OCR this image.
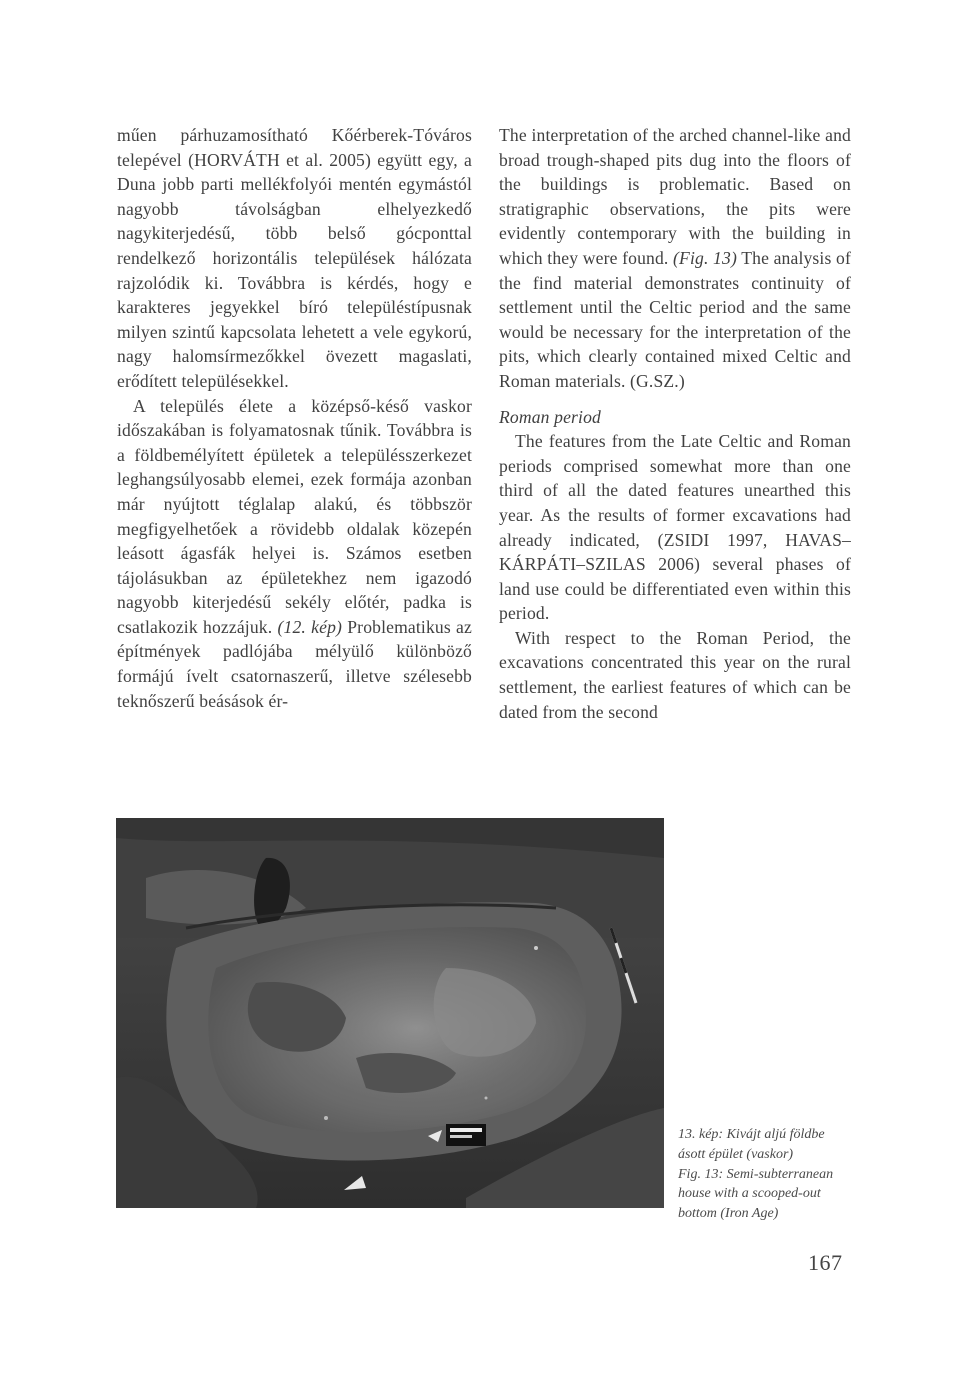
műen párhuzamosítható Kőérberek-Tóváros telepével (HORVÁTH et al. 2005) együtt egy, a Duna jobb parti mellékfolyói mentén egymástól nagyobb távolságban elhelyezkedő nagykiterjedésű, több belső gócponttal rendelkező horizontális települések hálózata rajzolódik ki. Továbbra is kérdés, hogy e karakteres jegyekkel bíró településtípusnak milyen szintű kapcsolata lehetett a vele egykorú, nagy halomsírmezőkkel övezett magaslati, erődített településekkel.

A település élete a középső-késő vaskor időszakában is folyamatosnak tűnik. Továbbra is a földbemélyített épületek a településszerkezet leghangsúlyosabb elemei, ezek formája azonban már nyújtott téglalap alakú, és többször megfigyelhetőek a rövidebb oldalak közepén leásott ágasfák helyei is. Számos esetben tájolásukban az épületekhez nem igazodó nagyobb kiterjedésű sekély előtér, padka is csatlakozik hozzájuk. (12. kép) Problematikus az építmények padlójába mélyülő különböző formájú ívelt csatornaszerű, illetve szélesebb teknőszerű beásások ér-

The interpretation of the arched channel-like and broad trough-shaped pits dug into the floors of the buildings is problematic. Based on stratigraphic observations, the pits were evidently contemporary with the building in which they were found. (Fig. 13) The analysis of the find material demonstrates continuity of settlement until the Celtic period and the same would be necessary for the interpretation of the pits, which clearly contained mixed Celtic and Roman materials. (G.SZ.)

Roman period

The features from the Late Celtic and Roman periods comprised somewhat more than one third of all the dated features unearthed this year. As the results of former excavations had already indicated, (ZSIDI 1997, HAVAS–KÁRPÁTI–SZILAS 2006) several phases of land use could be differentiated even within this period.

With respect to the Roman Period, the excavations concentrated this year on the rural settlement, the earliest features of which can be dated from the second

13. kép: Kivájt aljú földbe ásott épület (vaskor)
Fig. 13: Semi-subterranean house with a scooped-out bottom (Iron Age)
167
